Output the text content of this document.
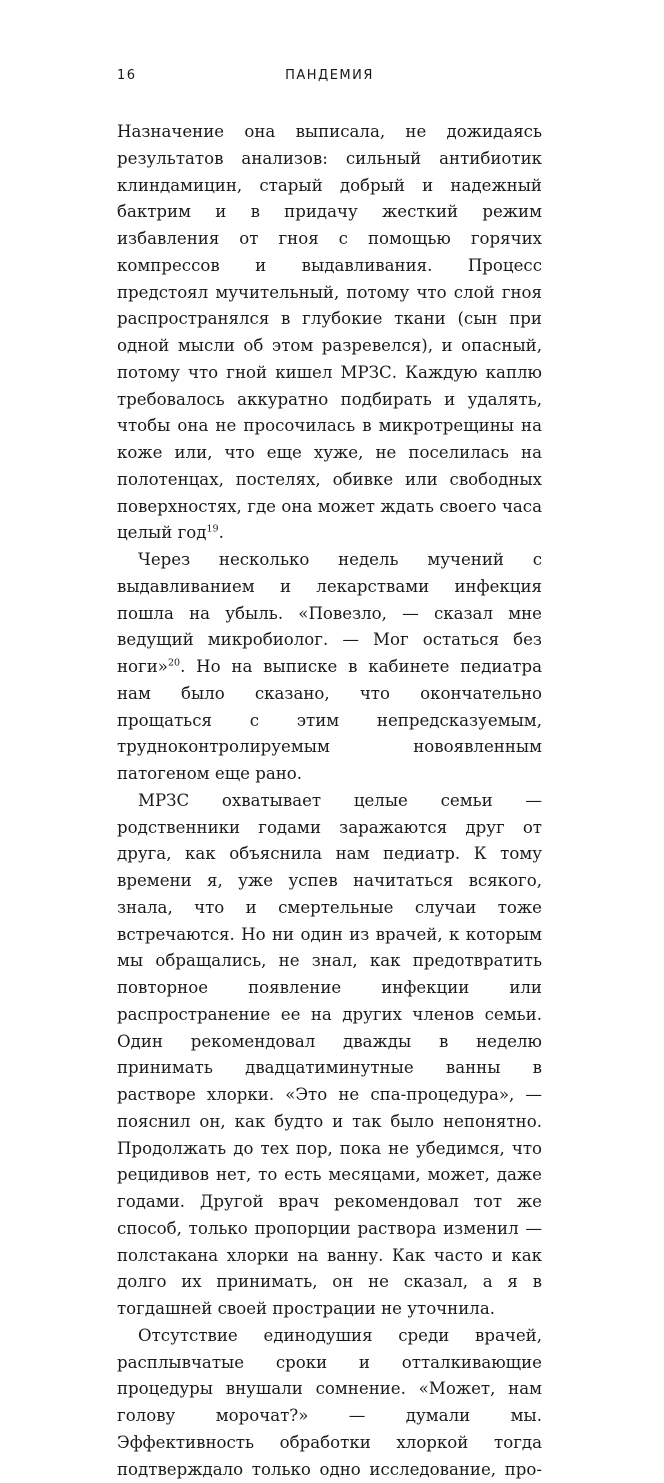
16	ПАНДЕМИЯ

Назначение она выписала, не дожидаясь результатов анализов: сильный антибиотик клиндамицин, старый добрый и надежный бактрим и в придачу жесткий режим избавления от гноя с помощью горячих компрессов и выдавливания. Процесс предстоял мучительный, потому что слой гноя распространялся в глубокие ткани (сын при одной мысли об этом разревелся), и опасный, потому что гной кишел МРЗС. Каждую каплю требовалось аккуратно подбирать и удалять, чтобы она не просочилась в микротрещины на коже или, что еще хуже, не поселилась на полотенцах, постелях, обивке или свободных поверхностях, где она может ждать своего часа целый год$^{19}$.

Через несколько недель мучений с выдавливанием и лекарствами инфекция пошла на убыль. «Повезло, — сказал мне ведущий микробиолог. — Мог остаться без ноги»$^{20}$. Но на выписке в кабинете педиатра нам было сказано, что окончательно прощаться с этим непредсказуемым, трудноконтролируемым новоявленным патогеном еще рано.

МРЗС охватывает целые семьи — родственники годами заражаются друг от друга, как объяснила нам педиатр. К тому времени я, уже успев начитаться всякого, знала, что и смертельные случаи тоже встречаются. Но ни один из врачей, к которым мы обращались, не знал, как предотвратить повторное появление инфекции или распространение ее на других членов семьи. Один рекомендовал дважды в неделю принимать двадцатиминутные ванны в растворе хлорки. «Это не спа-процедура», — пояснил он, как будто и так было непонятно. Продолжать до тех пор, пока не убедимся, что рецидивов нет, то есть месяцами, может, даже годами. Другой врач рекомендовал тот же способ, только пропорции раствора изменил — полстакана хлорки на ванну. Как часто и как долго их принимать, он не сказал, а я в тогдашней своей прострации не уточнила.

Отсутствие единодушия среди врачей, расплывчатые сроки и отталкивающие процедуры внушали сомнение. «Может, нам голову морочат?» — думали мы. Эффективность обработки хлоркой тогда подтверждало только одно исследование, про-
